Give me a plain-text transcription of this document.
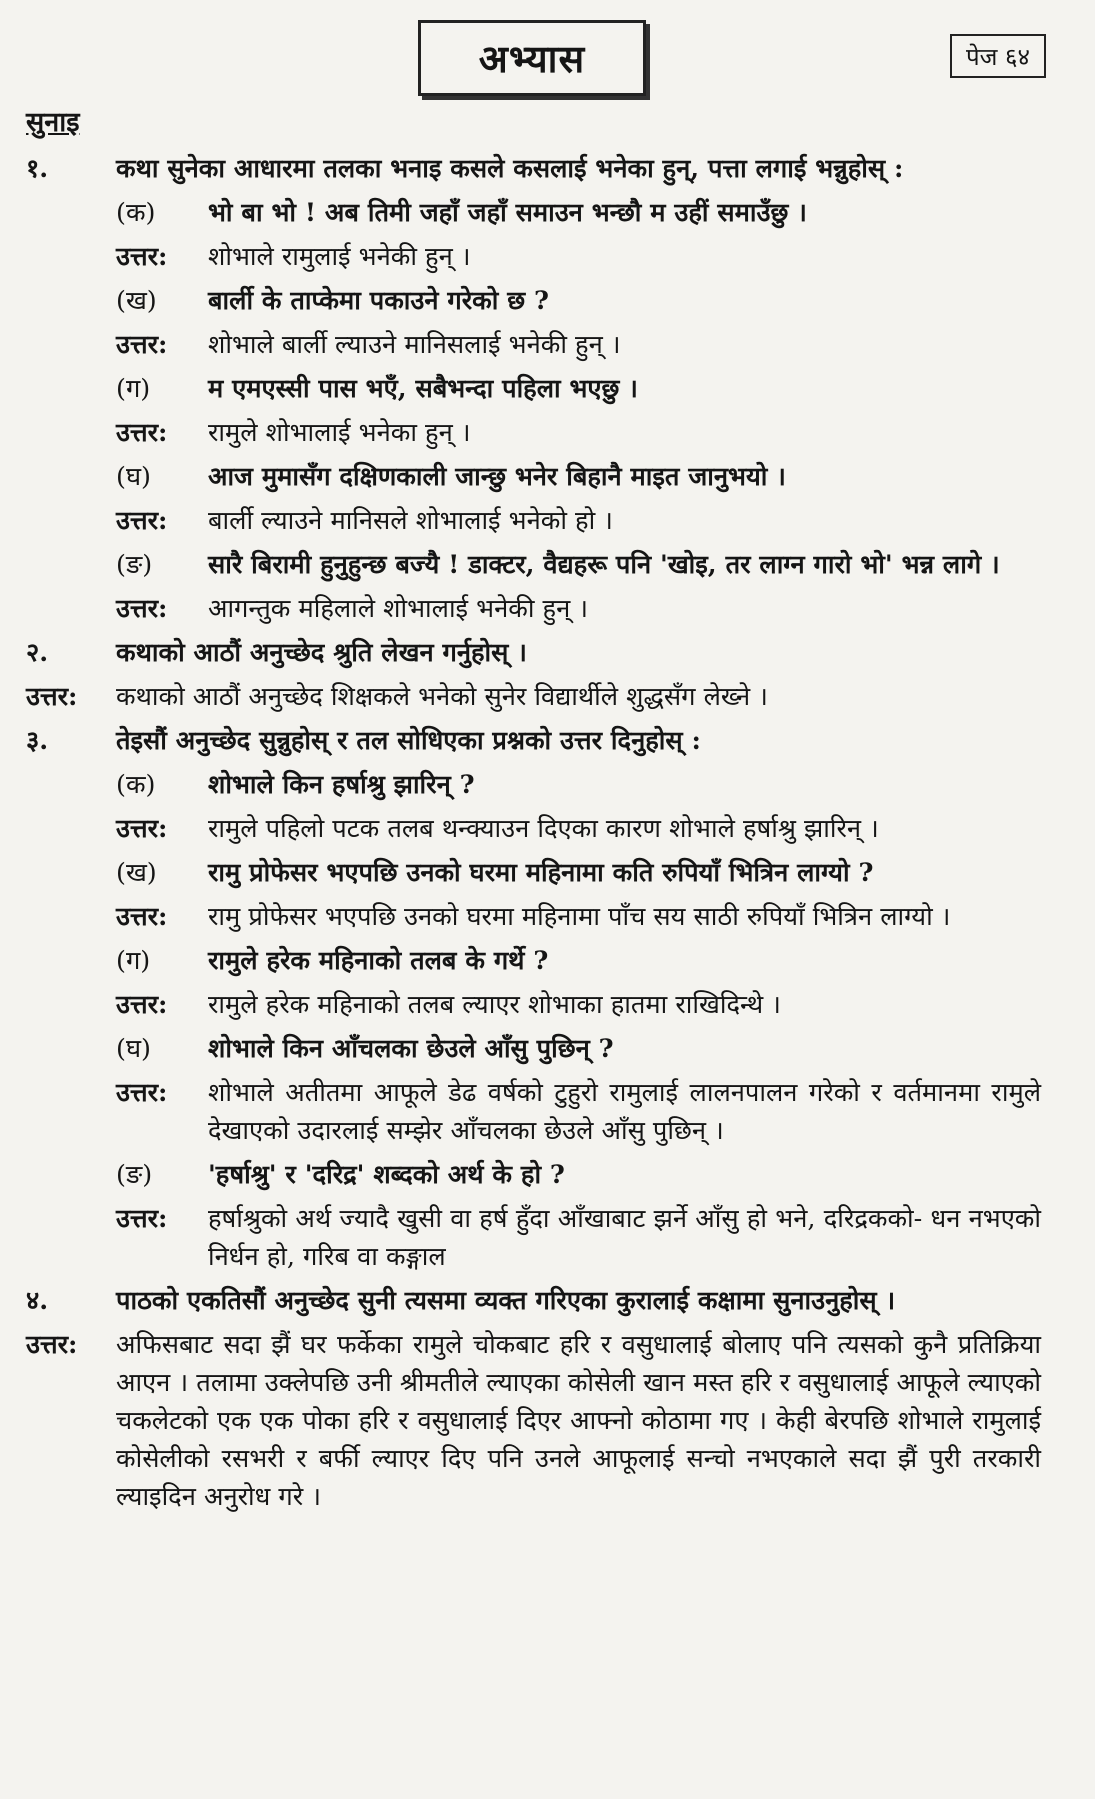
अभ्यास	पेज ६४
सुनाइ
१.	कथा सुनेका आधारमा तलका भनाइ कसले कसलाई भनेका हुन्, पत्ता लगाई भन्नुहोस् :
(क)	भो बा भो ! अब तिमी जहाँ जहाँ समाउन भन्छौ म उहीं समाउँछु ।
उत्तर:	शोभाले रामुलाई भनेकी हुन् ।
(ख)	बार्ली के ताप्केमा पकाउने गरेको छ ?
उत्तर:	शोभाले बार्ली ल्याउने मानिसलाई भनेकी हुन् ।
(ग)	म एमएस्सी पास भएँ, सबैभन्दा पहिला भएछु ।
उत्तर:	रामुले शोभालाई भनेका हुन् ।
(घ)	आज मुमासँग दक्षिणकाली जान्छु भनेर बिहानै माइत जानुभयो ।
उत्तर:	बार्ली ल्याउने मानिसले शोभालाई भनेको हो ।
(ङ)	सारै बिरामी हुनुहुन्छ बज्यै ! डाक्टर, वैद्यहरू पनि 'खोइ, तर लाग्न गारो भो' भन्न लागे ।
उत्तर:	आगन्तुक महिलाले शोभालाई भनेकी हुन् ।
२.	कथाको आठौं अनुच्छेद श्रुति लेखन गर्नुहोस् ।
उत्तर:	कथाको आठौं अनुच्छेद शिक्षकले भनेको सुनेर विद्यार्थीले शुद्धसँग लेख्ने ।
३.	तेइसौं अनुच्छेद सुन्नुहोस् र तल सोधिएका प्रश्नको उत्तर दिनुहोस् :
(क)	शोभाले किन हर्षाश्रु झारिन् ?
उत्तर:	रामुले पहिलो पटक तलब थन्क्याउन दिएका कारण शोभाले हर्षाश्रु झारिन् ।
(ख)	रामु प्रोफेसर भएपछि उनको घरमा महिनामा कति रुपियाँ भित्रिन लाग्यो ?
उत्तर:	रामु प्रोफेसर भएपछि उनको घरमा महिनामा पाँच सय साठी रुपियाँ भित्रिन लाग्यो ।
(ग)	रामुले हरेक महिनाको तलब के गर्थे ?
उत्तर:	रामुले हरेक महिनाको तलब ल्याएर शोभाका हातमा राखिदिन्थे ।
(घ)	शोभाले किन आँचलका छेउले आँसु पुछिन् ?
उत्तर:	शोभाले अतीतमा आफूले डेढ वर्षको टुहुरो रामुलाई लालनपालन गरेको र वर्तमानमा रामुले देखाएको उदारलाई सम्झेर आँचलका छेउले आँसु पुछिन् ।
(ङ)	'हर्षाश्रु' र 'दरिद्र' शब्दको अर्थ के हो ?
उत्तर:	हर्षाश्रुको अर्थ ज्यादै खुसी वा हर्ष हुँदा आँखाबाट झर्ने आँसु हो भने, दरिद्रकको- धन नभएको निर्धन हो, गरिब वा कङ्गाल
४.	पाठको एकतिसौं अनुच्छेद सुनी त्यसमा व्यक्त गरिएका कुरालाई कक्षामा सुनाउनुहोस् ।
उत्तर:	अफिसबाट सदा झैं घर फर्केका रामुले चोकबाट हरि र वसुधालाई बोलाए पनि त्यसको कुनै प्रतिक्रिया आएन । तलामा उक्लेपछि उनी श्रीमतीले ल्याएका कोसेली खान मस्त हरि र वसुधालाई आफूले ल्याएको चकलेटको एक एक पोका हरि र वसुधालाई दिएर आफ्नो कोठामा गए । केही बेरपछि शोभाले रामुलाई कोसेलीको रसभरी र बर्फी ल्याएर दिए पनि उनले आफूलाई सन्चो नभएकाले सदा झैं पुरी तरकारी ल्याइदिन अनुरोध गरे ।
